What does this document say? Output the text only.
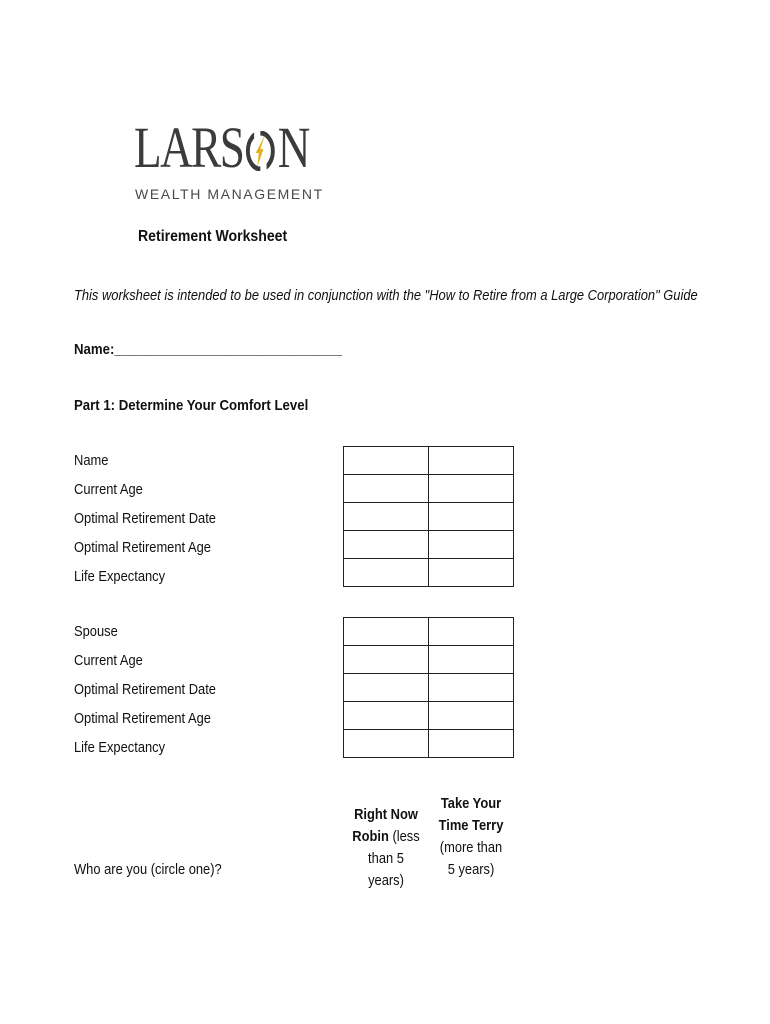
LARS N
WEALTH MANAGEMENT
Retirement Worksheet
This worksheet is intended to be used in conjunction with the "How to Retire from a Large Corporation" Guide
Name:_______________________________
Part 1: Determine Your Comfort Level
Name
Current Age
Optimal Retirement Date
Optimal Retirement Age
Life Expectancy

Spouse
Current Age
Optimal Retirement Date
Optimal Retirement Age
Life Expectancy

Who are you (circle one)?
Right Now Robin (less than 5 years)
Take Your Time Terry (more than 5 years)
